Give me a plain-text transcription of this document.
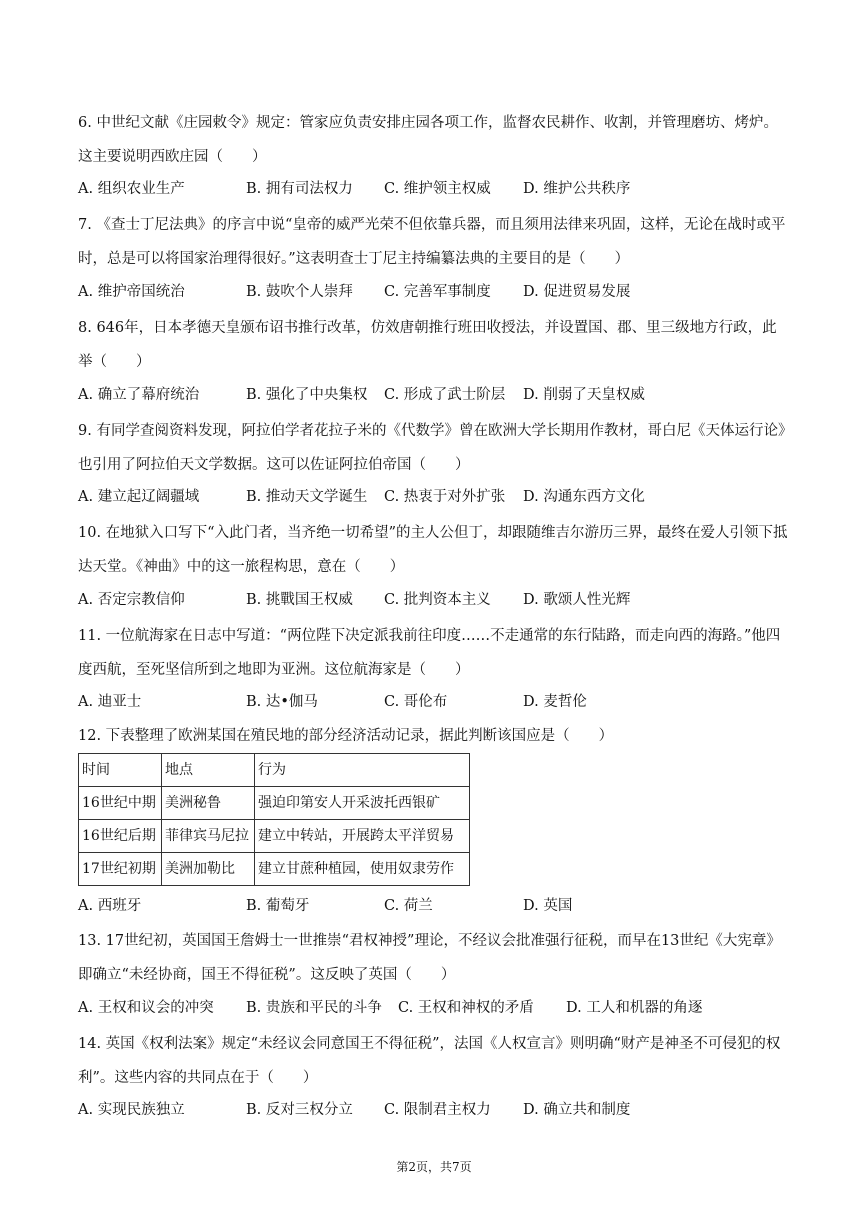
6. 中世纪文献《庄园敕令》规定：管家应负责安排庄园各项工作，监督农民耕作、收割，并管理磨坊、烤炉。这主要说明西欧庄园（　　）

A. 组织农业生产	B. 拥有司法权力 C. 维护领主权威 D. 维护公共秩序

7. 《查士丁尼法典》的序言中说“皇帝的威严光荣不但依靠兵器，而且须用法律来巩固，这样，无论在战时或平时，总是可以将国家治理得很好。”这表明查士丁尼主持编纂法典的主要目的是（　　）

A. 维护帝国统治	B. 鼓吹个人崇拜 C. 完善军事制度 D. 促进贸易发展

8. 646年，日本孝德天皇颁布诏书推行改革，仿效唐朝推行班田收授法，并设置国、郡、里三级地方行政，此举（　　）

A. 确立了幕府统治	B. 强化了中央集权 C. 形成了武士阶层 D. 削弱了天皇权威

9. 有同学查阅资料发现，阿拉伯学者花拉子米的《代数学》曾在欧洲大学长期用作教材，哥白尼《天体运行论》也引用了阿拉伯天文学数据。这可以佐证阿拉伯帝国（　　）

A. 建立起辽阔疆域	B. 推动天文学诞生 C. 热衷于对外扩张 D. 沟通东西方文化

10. 在地狱入口写下“入此门者，当齐绝一切希望”的主人公但丁，却跟随维吉尔游历三界，最终在爱人引领下抵达天堂。《神曲》中的这一旅程构思，意在（　　）

A. 否定宗教信仰	B. 挑戰国王权威 C. 批判资本主义 D. 歌颂人性光辉

11. 一位航海家在日志中写道：“两位陛下决定派我前往印度……不走通常的东行陆路，而走向西的海路。”他四度西航，至死坚信所到之地即为亚洲。这位航海家是（　　）

A. 迪亚士	B. 达•伽马	C. 哥伦布	D. 麦哲伦

12. 下表整理了欧洲某国在殖民地的部分经济活动记录，据此判断该国应是（　　）

时间	地点	行为
16世纪中期	美洲秘鲁	强迫印第安人开采波托西银矿
16世纪后期	菲律宾马尼拉	建立中转站，开展跨太平洋贸易
17世纪初期	美洲加勒比	建立甘蔗种植园，使用奴隶劳作
A. 西班牙	B. 葡萄牙	C. 荷兰	D. 英国

13. 17世纪初，英国国王詹姆士一世推崇“君权神授”理论，不经议会批准强行征税，而早在13世纪《大宪章》即确立“未经协商，国王不得征税”。这反映了英国（　　）

A. 王权和议会的冲突 B. 贵族和平民的斗争 C. 王权和神权的矛盾 D. 工人和机器的角逐

14. 英国《权利法案》规定“未经议会同意国王不得征税”，法国《人权宣言》则明确“财产是神圣不可侵犯的权利”。这些内容的共同点在于（　　）

A. 实现民族独立	B. 反对三权分立 C. 限制君主权力 D. 确立共和制度
第2页，共7页
